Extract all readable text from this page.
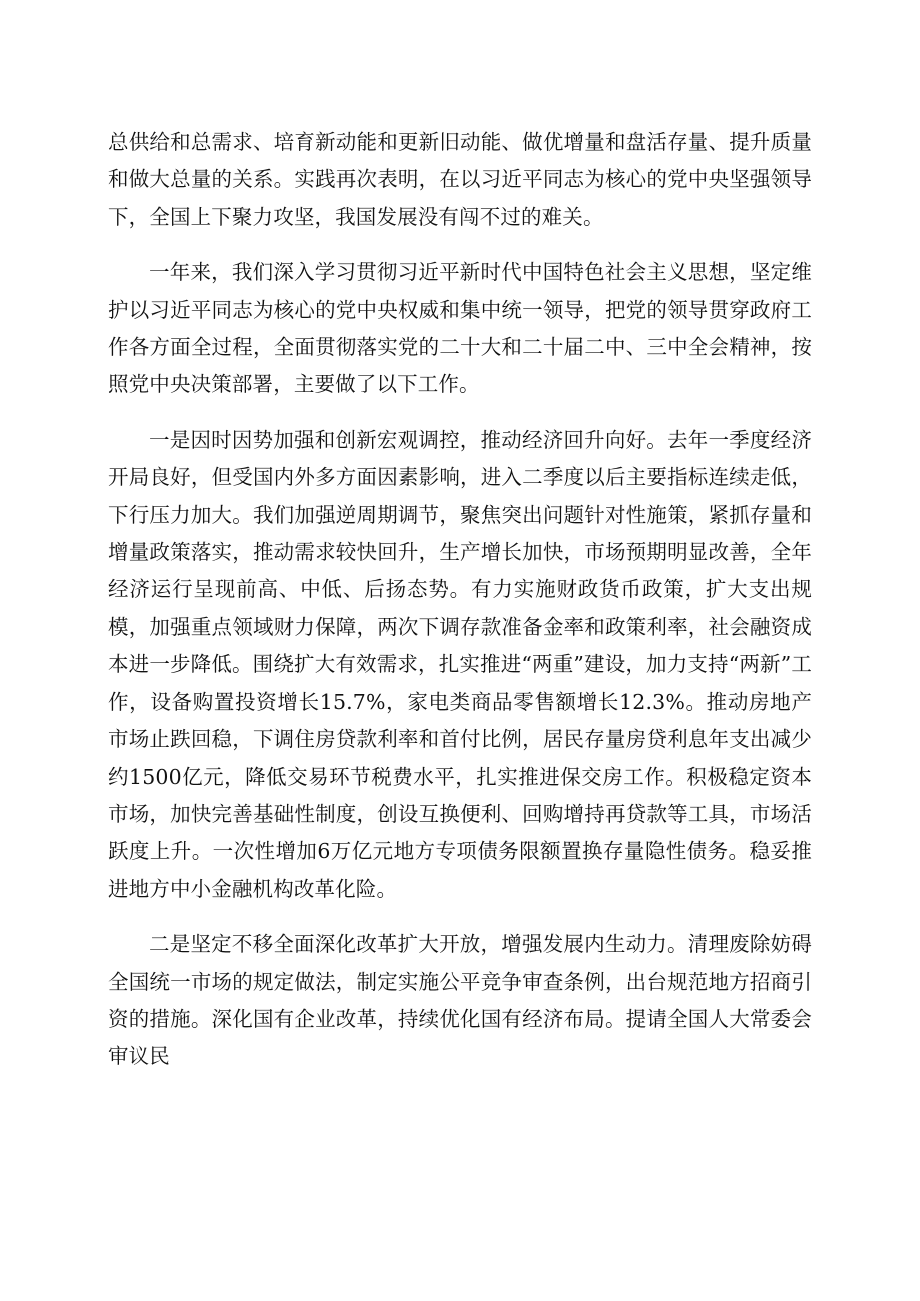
总供给和总需求、培育新动能和更新旧动能、做优增量和盘活存量、提升质量和做大总量的关系。实践再次表明，在以习近平同志为核心的党中央坚强领导下，全国上下聚力攻坚，我国发展没有闯不过的难关。

一年来，我们深入学习贯彻习近平新时代中国特色社会主义思想，坚定维护以习近平同志为核心的党中央权威和集中统一领导，把党的领导贯穿政府工作各方面全过程，全面贯彻落实党的二十大和二十届二中、三中全会精神，按照党中央决策部署，主要做了以下工作。

一是因时因势加强和创新宏观调控，推动经济回升向好。去年一季度经济开局良好，但受国内外多方面因素影响，进入二季度以后主要指标连续走低，下行压力加大。我们加强逆周期调节，聚焦突出问题针对性施策，紧抓存量和增量政策落实，推动需求较快回升，生产增长加快，市场预期明显改善，全年经济运行呈现前高、中低、后扬态势。有力实施财政货币政策，扩大支出规模，加强重点领域财力保障，两次下调存款准备金率和政策利率，社会融资成本进一步降低。围绕扩大有效需求，扎实推进“两重”建设，加力支持“两新”工作，设备购置投资增长15.7%，家电类商品零售额增长12.3%。推动房地产市场止跌回稳，下调住房贷款利率和首付比例，居民存量房贷利息年支出减少约1500亿元，降低交易环节税费水平，扎实推进保交房工作。积极稳定资本市场，加快完善基础性制度，创设互换便利、回购增持再贷款等工具，市场活跃度上升。一次性增加6万亿元地方专项债务限额置换存量隐性债务。稳妥推进地方中小金融机构改革化险。

二是坚定不移全面深化改革扩大开放，增强发展内生动力。清理废除妨碍全国统一市场的规定做法，制定实施公平竞争审查条例，出台规范地方招商引资的措施。深化国有企业改革，持续优化国有经济布局。提请全国人大常委会审议民
